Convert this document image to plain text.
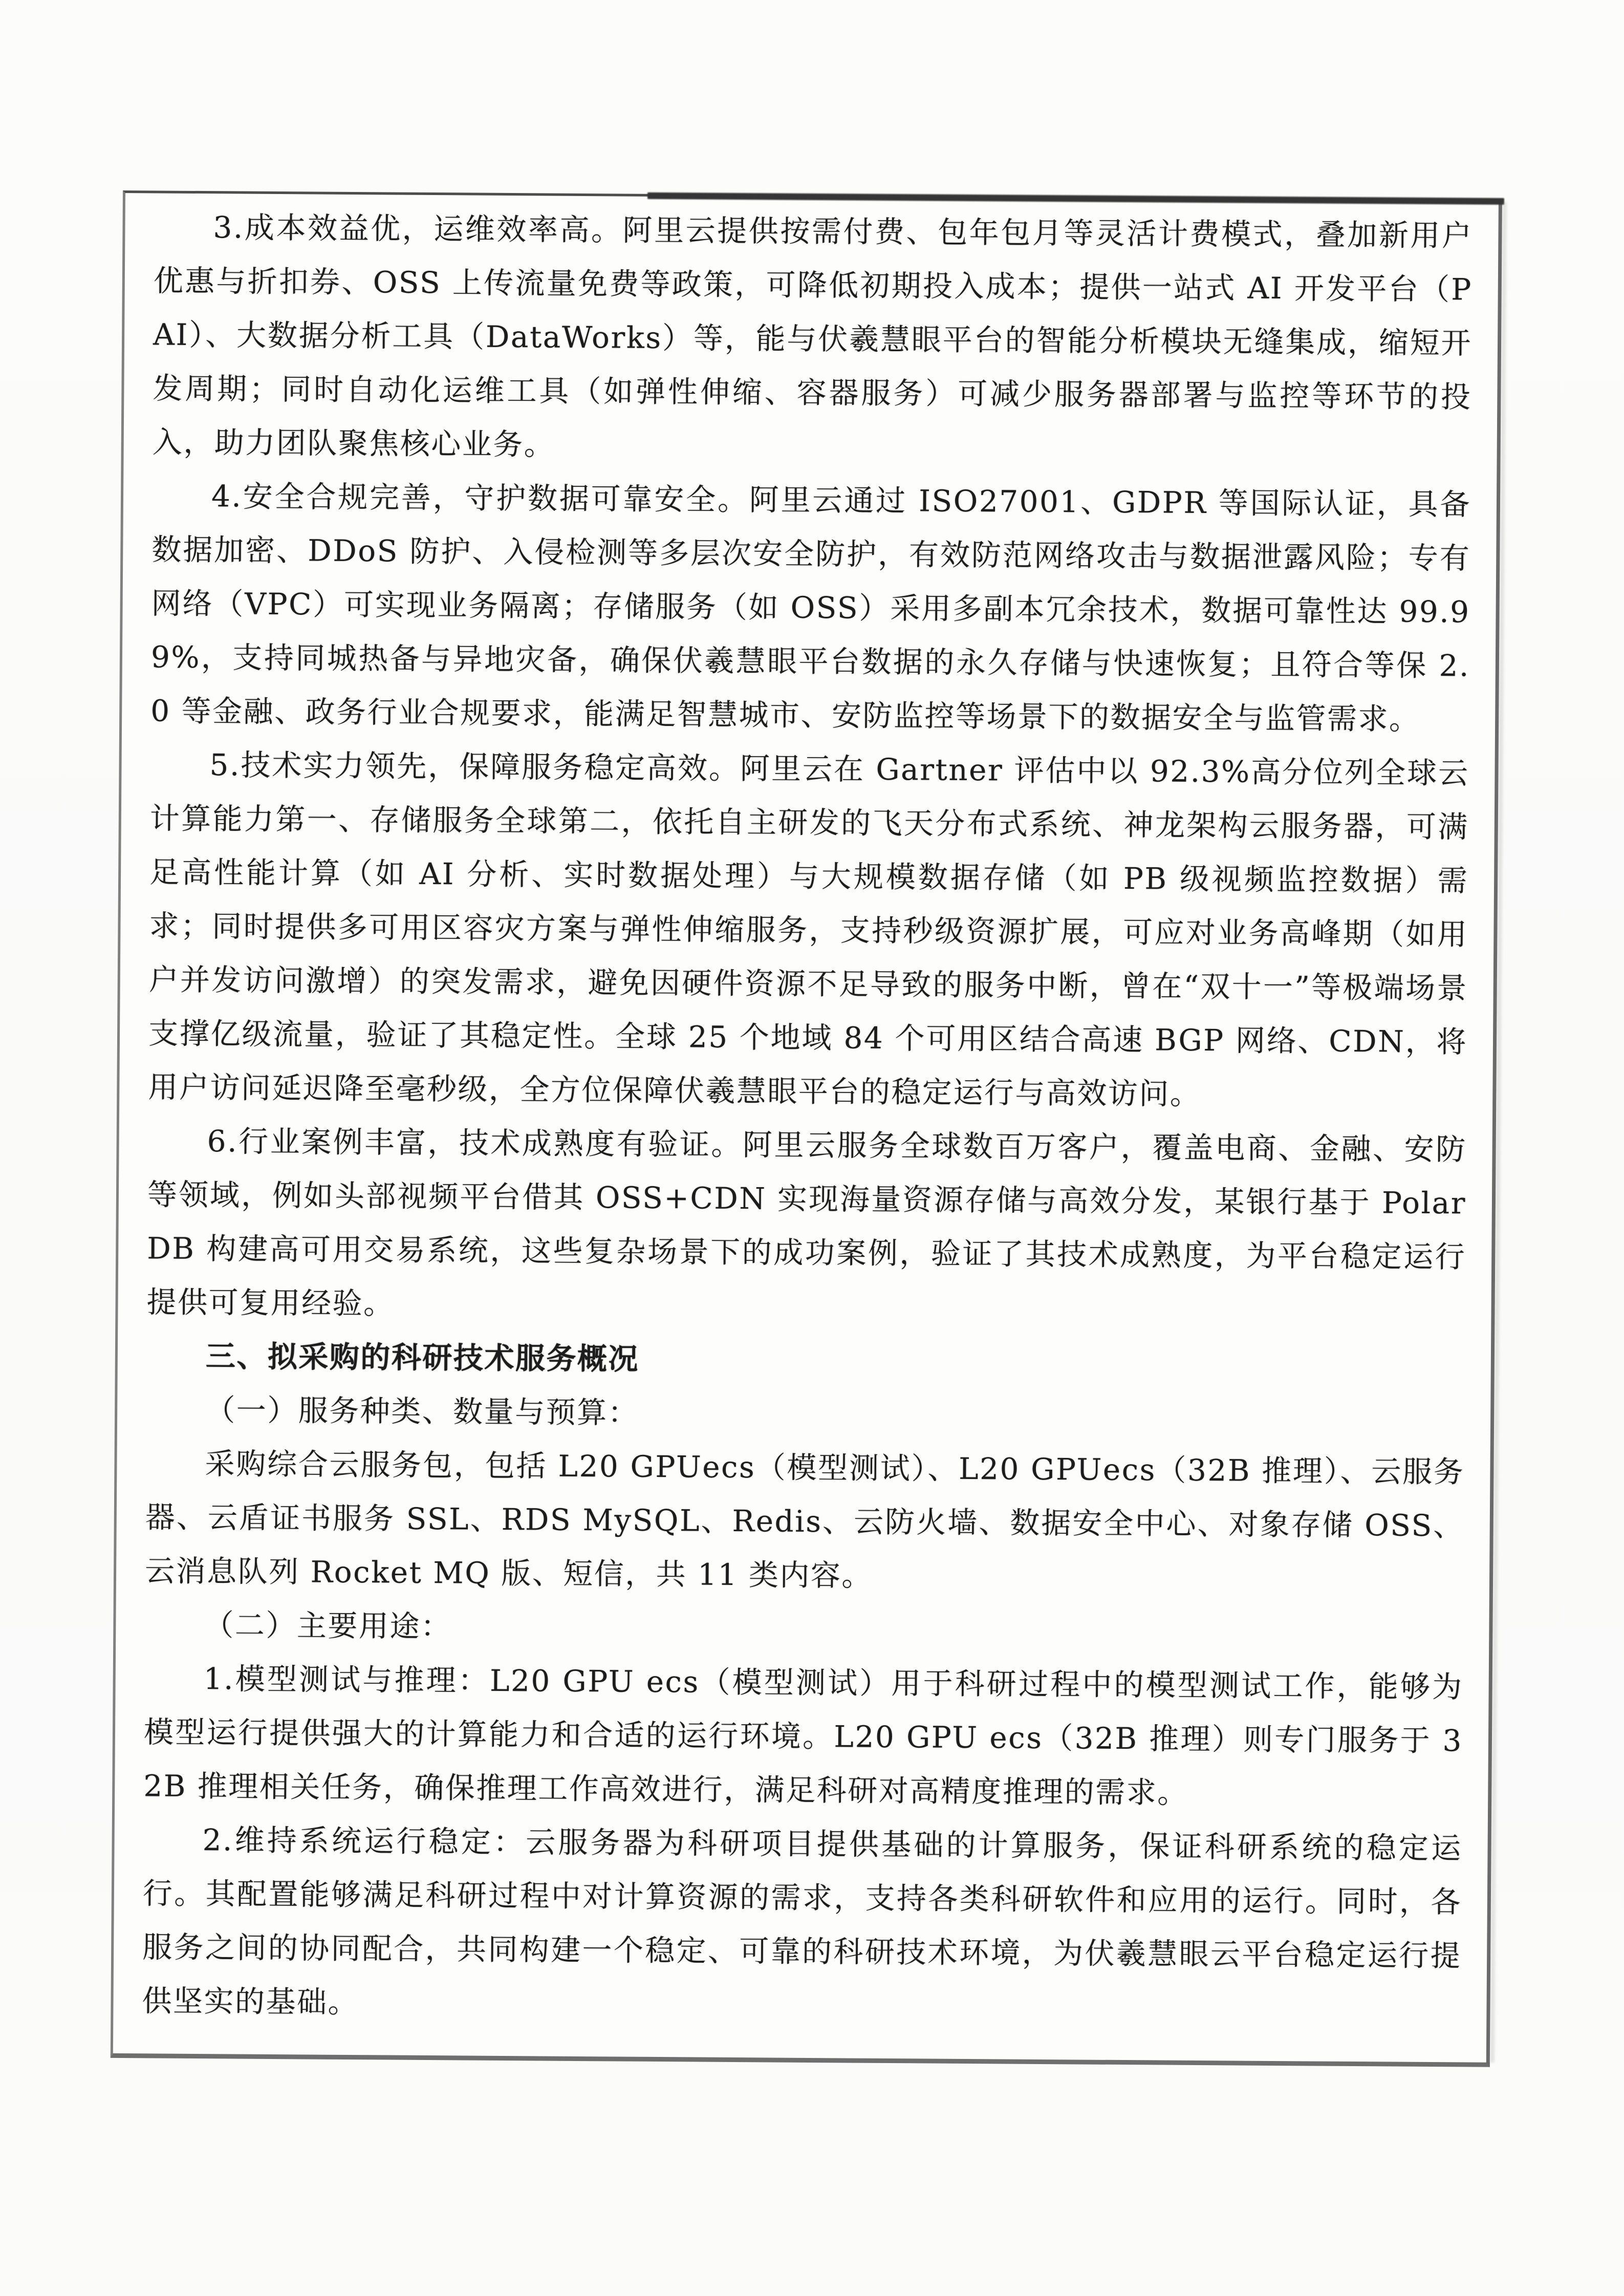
3.成本效益优，运维效率高。阿里云提供按需付费、包年包月等灵活计费模式，叠加新用户优惠与折扣券、OSS 上传流量免费等政策，可降低初期投入成本；提供一站式 AI 开发平台（PAI）、大数据分析工具（DataWorks）等，能与伏羲慧眼平台的智能分析模块无缝集成，缩短开发周期；同时自动化运维工具（如弹性伸缩、容器服务）可减少服务器部署与监控等环节的投入，助力团队聚焦核心业务。

4.安全合规完善，守护数据可靠安全。阿里云通过 ISO27001、GDPR 等国际认证，具备数据加密、DDoS 防护、入侵检测等多层次安全防护，有效防范网络攻击与数据泄露风险；专有网络（VPC）可实现业务隔离；存储服务（如 OSS）采用多副本冗余技术，数据可靠性达 99.99%，支持同城热备与异地灾备，确保伏羲慧眼平台数据的永久存储与快速恢复；且符合等保 2.0 等金融、政务行业合规要求，能满足智慧城市、安防监控等场景下的数据安全与监管需求。

5.技术实力领先，保障服务稳定高效。阿里云在 Gartner 评估中以 92.3%高分位列全球云计算能力第一、存储服务全球第二，依托自主研发的飞天分布式系统、神龙架构云服务器，可满足高性能计算（如 AI 分析、实时数据处理）与大规模数据存储（如 PB 级视频监控数据）需求；同时提供多可用区容灾方案与弹性伸缩服务，支持秒级资源扩展，可应对业务高峰期（如用户并发访问激增）的突发需求，避免因硬件资源不足导致的服务中断，曾在“双十一”等极端场景支撑亿级流量，验证了其稳定性。全球 25 个地域 84 个可用区结合高速 BGP 网络、CDN，将用户访问延迟降至毫秒级，全方位保障伏羲慧眼平台的稳定运行与高效访问。

6.行业案例丰富，技术成熟度有验证。阿里云服务全球数百万客户，覆盖电商、金融、安防等领域，例如头部视频平台借其 OSS+CDN 实现海量资源存储与高效分发，某银行基于 PolarDB 构建高可用交易系统，这些复杂场景下的成功案例，验证了其技术成熟度，为平台稳定运行提供可复用经验。

三、拟采购的科研技术服务概况

（一）服务种类、数量与预算：

采购综合云服务包，包括 L20 GPUecs（模型测试）、L20 GPUecs（32B 推理）、云服务器、云盾证书服务 SSL、RDS MySQL、Redis、云防火墙、数据安全中心、对象存储 OSS、云消息队列 Rocket MQ 版、短信，共 11 类内容。

（二）主要用途：

1.模型测试与推理：L20 GPU ecs（模型测试）用于科研过程中的模型测试工作，能够为模型运行提供强大的计算能力和合适的运行环境。L20 GPU ecs（32B 推理）则专门服务于 32B 推理相关任务，确保推理工作高效进行，满足科研对高精度推理的需求。

2.维持系统运行稳定：云服务器为科研项目提供基础的计算服务，保证科研系统的稳定运行。其配置能够满足科研过程中对计算资源的需求，支持各类科研软件和应用的运行。同时，各服务之间的协同配合，共同构建一个稳定、可靠的科研技术环境，为伏羲慧眼云平台稳定运行提供坚实的基础。
